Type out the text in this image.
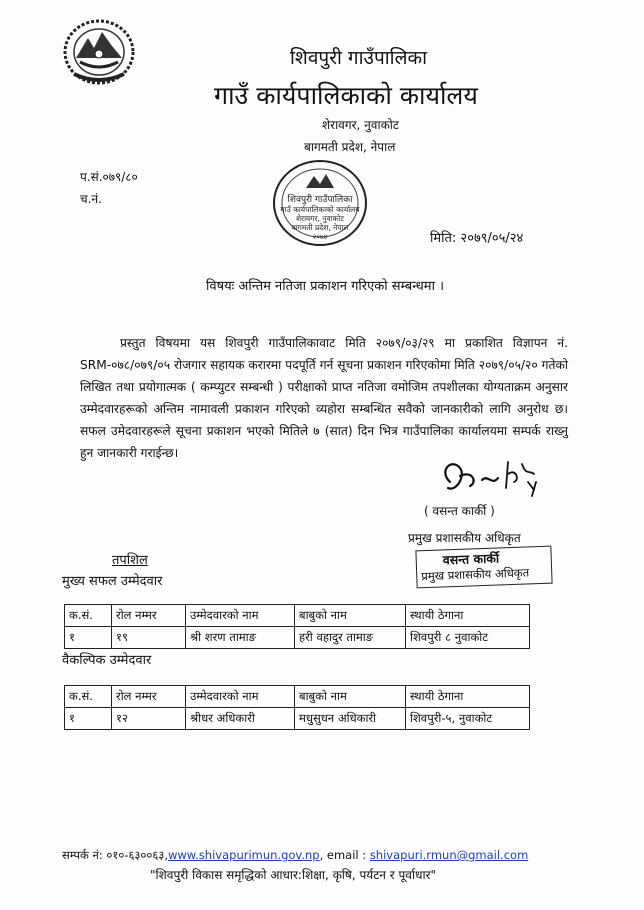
शिवपुरी गाउँपालिका
गाउँ कार्यपालिकाको कार्यालय
शेरावगर, नुवाकोट
बागमती प्रदेश, नेपाल
प.सं.०७९/८०
च.नं.	शिवपुरी गाउँपालिका
गाउँ कार्यपालिकाको कार्यालय
शेरावगर, नुवाकोट
बागमती प्रदेश, नेपाल
२०७४	मिति: २०७९/०५/२४
विषयः अन्तिम नतिजा प्रकाशन गरिएको सम्बन्धमा ।
प्रस्तुत विषयमा यस शिवपुरी गाउँपालिकावाट मिति २०७९/०३/२९ मा प्रकाशित विज्ञापन नं. SRM-०७८/०७९/०५ रोजगार सहायक करारमा पदपूर्ति गर्न सूचना प्रकाशन गरिएकोमा मिति २०७९/०५/२० गतेको लिखित तथा प्रयोगात्मक ( कम्प्युटर सम्बन्धी ) परीक्षाको प्राप्त नतिजा वमोजिम तपशीलका योग्यताक्रम अनुसार उम्मेदवारहरूको अन्तिम नामावली प्रकाशन गरिएको व्यहोरा सम्बन्धित सवैको जानकारीको लागि अनुरोध छ।सफल उमेदवारहरूले सूचना प्रकाशन भएको मितिले ७ (सात) दिन भित्र गाउँपालिका कार्यालयमा सम्पर्क राख्नु हुन जानकारी गराईन्छ।
( वसन्त कार्की )
प्रमुख प्रशासकीय अधिकृत
वसन्त कार्की
प्रमुख प्रशासकीय अधिकृत
तपशिल
मुख्य सफल उम्मेदवार
क.सं.	रोल नम्मर	उम्मेदवारको नाम	बाबुको नाम	स्थायी ठेगाना
१	१९	श्री शरण तामाङ	हरी वहादुर तामाङ	शिवपुरी ८ नुवाकोट
वैकल्पिक उम्मेदवार
क.सं.	रोल नम्मर	उम्मेदवारको नाम	बाबुको नाम	स्थायी ठेगाना
१	१२	श्रीधर अधिकारी	मधुसुधन अधिकारी	शिवपुरी-५, नुवाकोट
सम्पर्क नं: ०१०-६३००६३,www.shivapurimun.gov.np, email : shivapuri.rmun@gmail.com
"शिवपुरी विकास समृद्धिको आधार:शिक्षा, कृषि, पर्यटन र पूर्वाधार"
